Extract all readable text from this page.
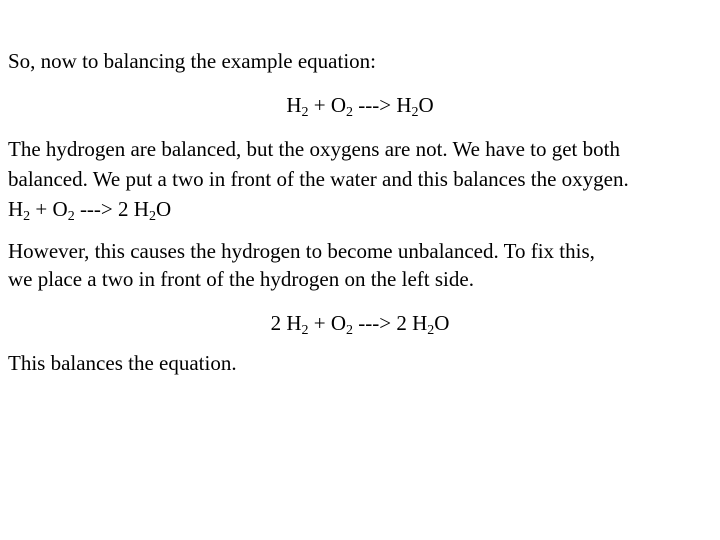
So, now to balancing the example equation:
$H_2 + O_2$ ---> $H_2O$
The hydrogen are balanced, but the oxygens are not. We have to get both
balanced. We put a two in front of the water and this balances the oxygen.
$H_2 + O_2$ ---> 2 $H_2O$
However, this causes the hydrogen to become unbalanced. To fix this,
we place a two in front of the hydrogen on the left side.
2 $H_2 + O_2$ ---> 2 $H_2O$
This balances the equation.
